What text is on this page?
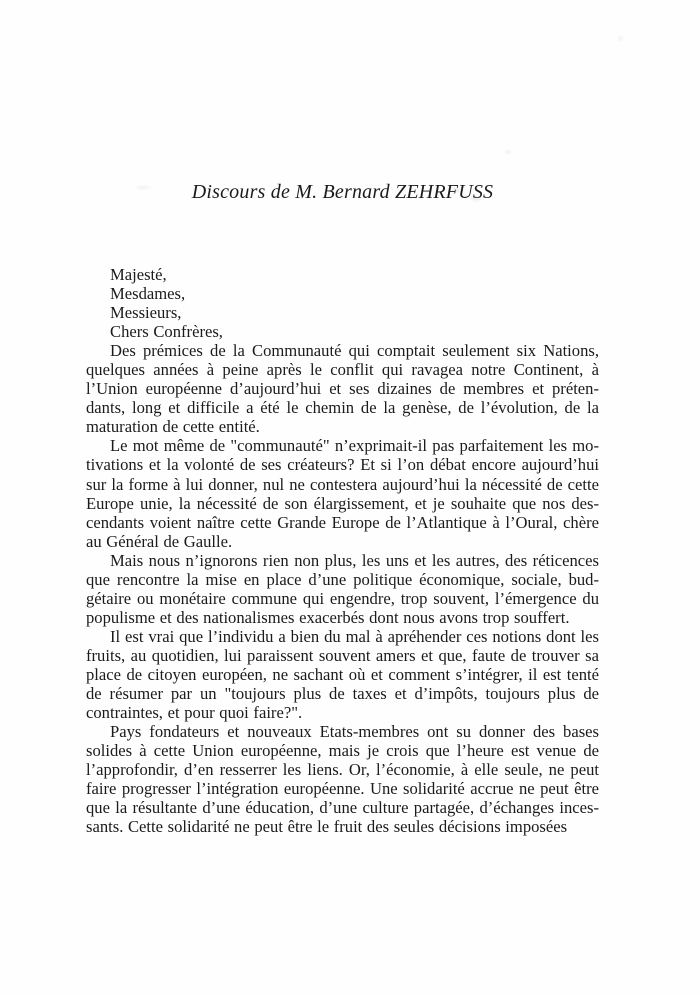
Discours de M. Bernard ZEHRFUSS
Majesté,
Mesdames,
Messieurs,
Chers Confrères,
Des prémices de la Communauté qui comptait seulement six Nations,
quelques années à peine après le conflit qui ravagea notre Continent, à
l’Union européenne d’aujourd’hui et ses dizaines de membres et préten-
dants, long et difficile a été le chemin de la genèse, de l’évolution, de la
maturation de cette entité.
Le mot même de "communauté" n’exprimait-il pas parfaitement les mo-
tivations et la volonté de ses créateurs? Et si l’on débat encore aujourd’hui
sur la forme à lui donner, nul ne contestera aujourd’hui la nécessité de cette
Europe unie, la nécessité de son élargissement, et je souhaite que nos des-
cendants voient naître cette Grande Europe de l’Atlantique à l’Oural, chère
au Général de Gaulle.
Mais nous n’ignorons rien non plus, les uns et les autres, des réticences
que rencontre la mise en place d’une politique économique, sociale, bud-
gétaire ou monétaire commune qui engendre, trop souvent, l’émergence du
populisme et des nationalismes exacerbés dont nous avons trop souffert.
Il est vrai que l’individu a bien du mal à apréhender ces notions dont les
fruits, au quotidien, lui paraissent souvent amers et que, faute de trouver sa
place de citoyen européen, ne sachant où et comment s’intégrer, il est tenté
de résumer par un "toujours plus de taxes et d’impôts, toujours plus de
contraintes, et pour quoi faire?".
Pays fondateurs et nouveaux Etats-membres ont su donner des bases
solides à cette Union européenne, mais je crois que l’heure est venue de
l’approfondir, d’en resserrer les liens. Or, l’économie, à elle seule, ne peut
faire progresser l’intégration européenne. Une solidarité accrue ne peut être
que la résultante d’une éducation, d’une culture partagée, d’échanges inces-
sants. Cette solidarité ne peut être le fruit des seules décisions imposées
